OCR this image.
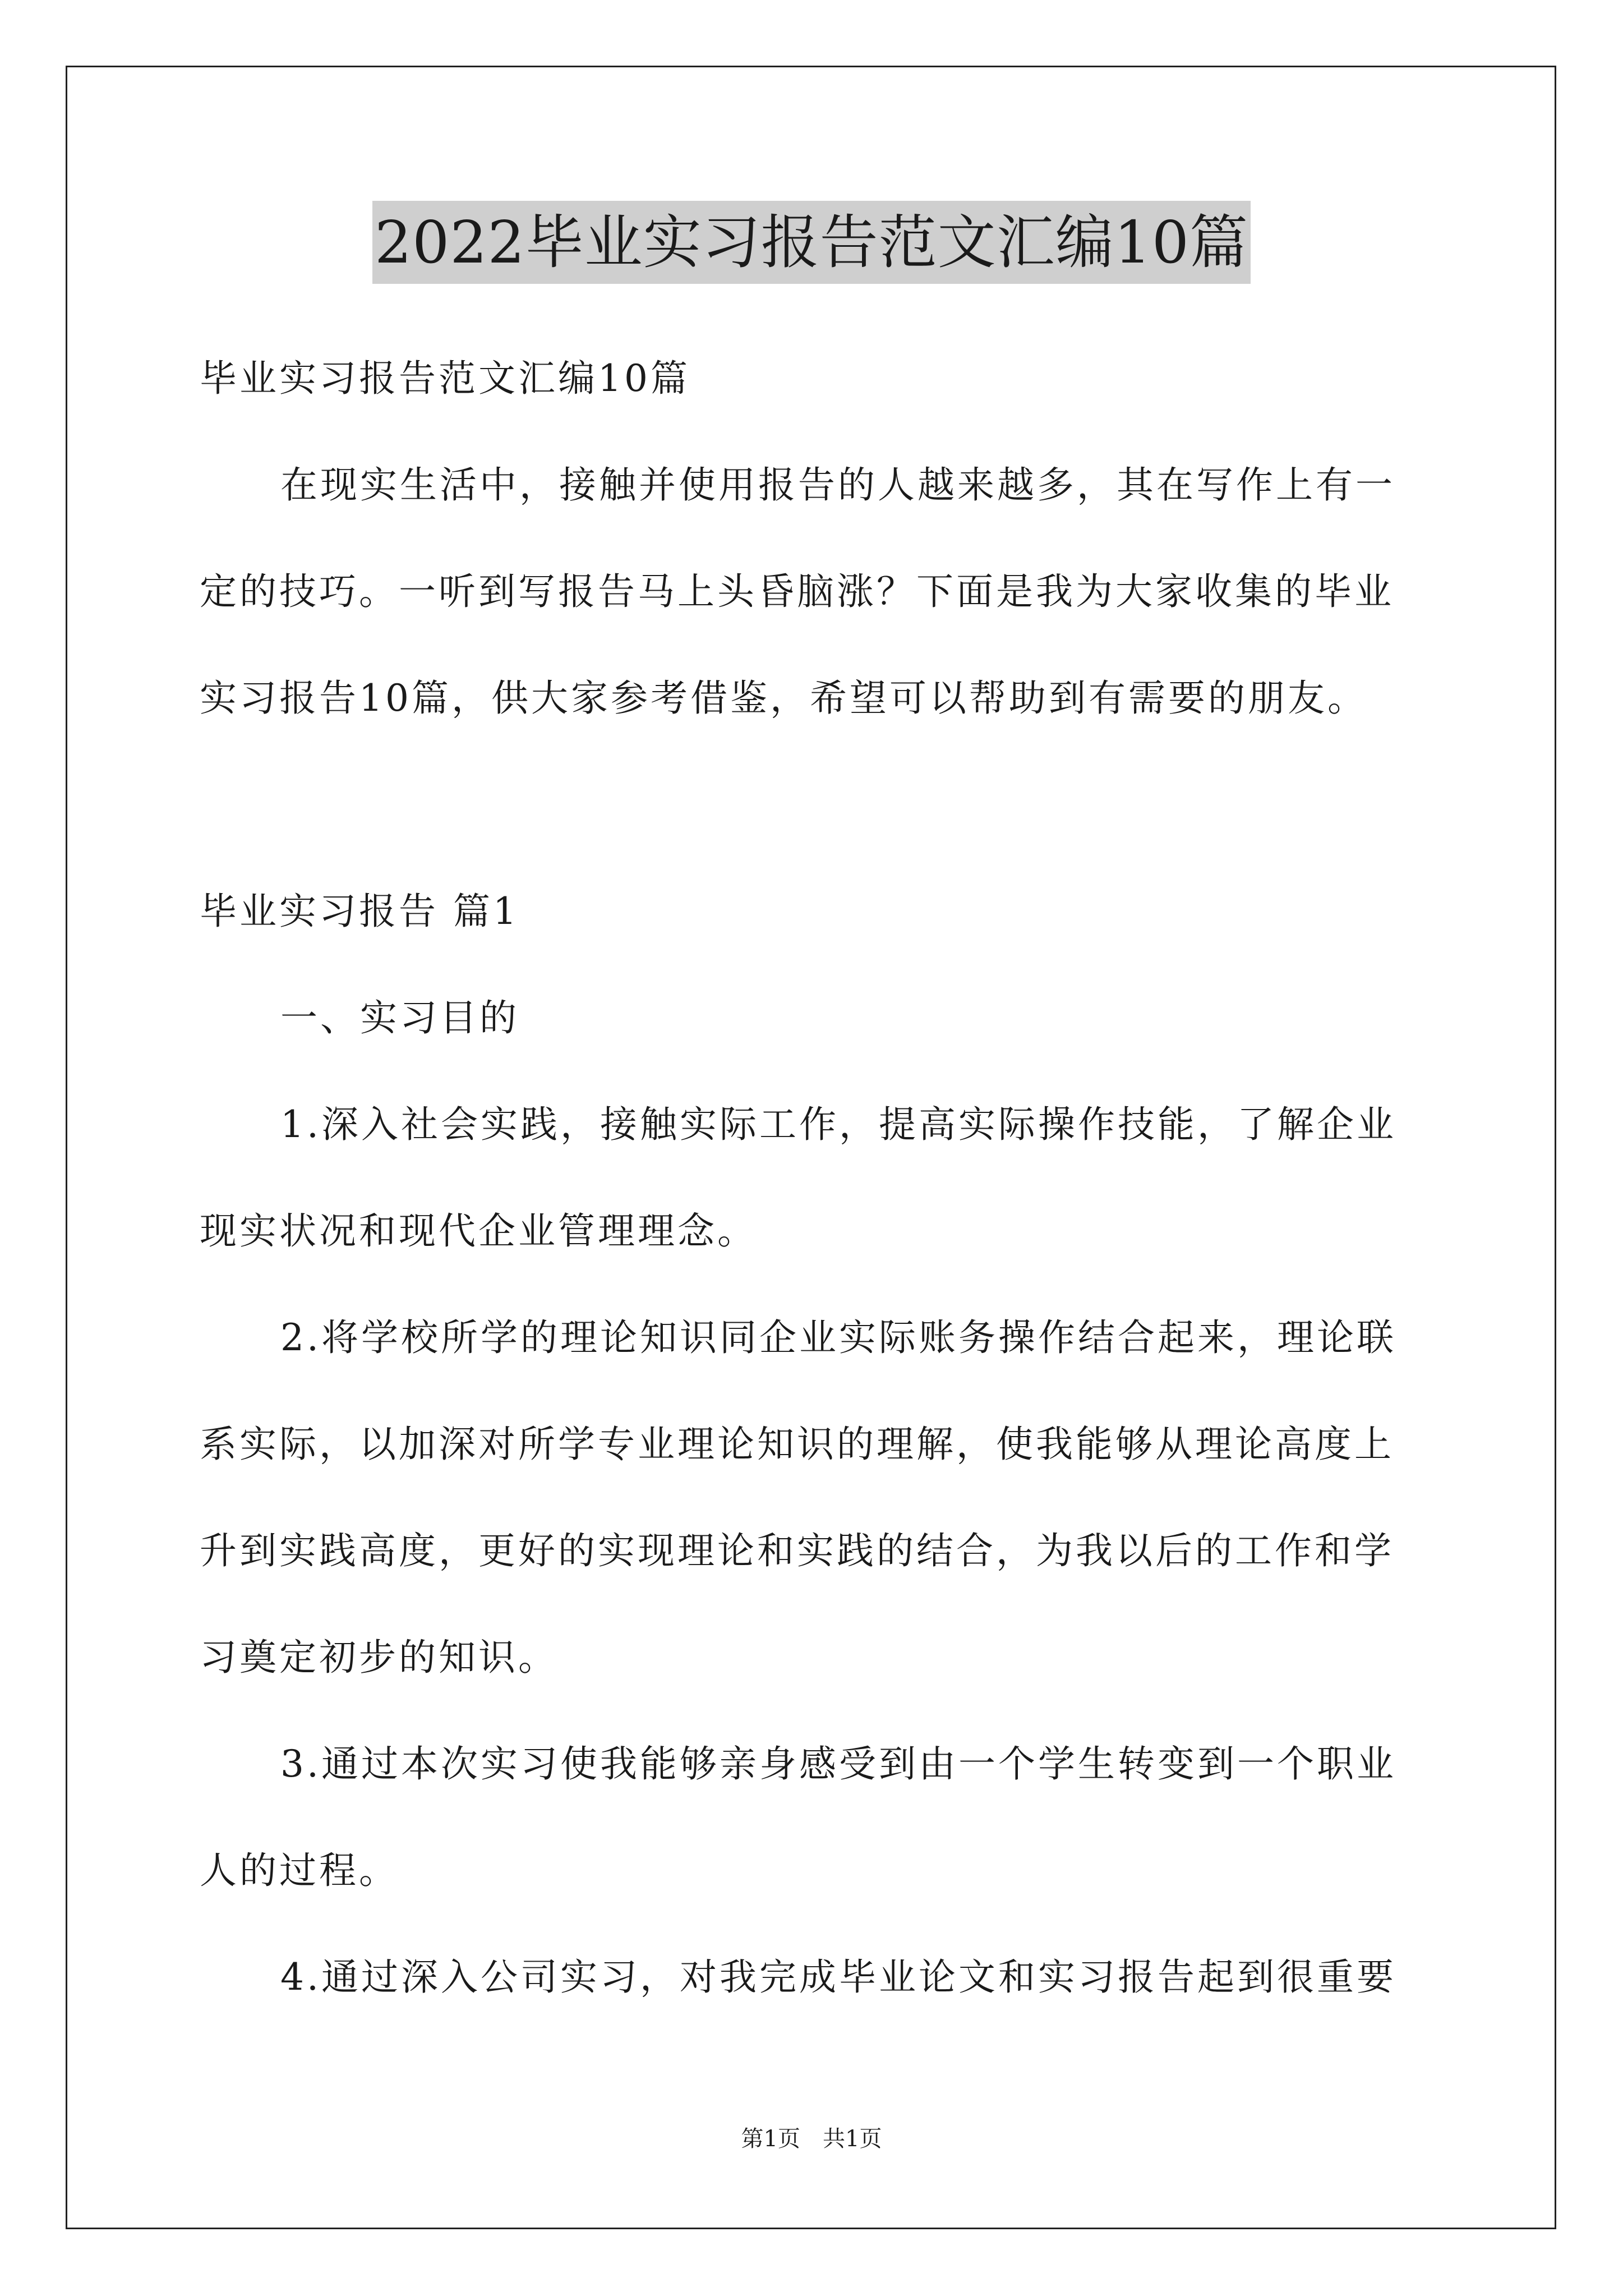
2022毕业实习报告范文汇编10篇
毕业实习报告范文汇编10篇
在现实生活中，接触并使用报告的人越来越多，其在写作上有一
定的技巧。一听到写报告马上头昏脑涨？下面是我为大家收集的毕业
实习报告10篇，供大家参考借鉴，希望可以帮助到有需要的朋友。
毕业实习报告 篇1
一、实习目的
1.深入社会实践，接触实际工作，提高实际操作技能，了解企业
现实状况和现代企业管理理念。
2.将学校所学的理论知识同企业实际账务操作结合起来，理论联
系实际，以加深对所学专业理论知识的理解，使我能够从理论高度上
升到实践高度，更好的实现理论和实践的结合，为我以后的工作和学
习奠定初步的知识。
3.通过本次实习使我能够亲身感受到由一个学生转变到一个职业
人的过程。
4.通过深入公司实习，对我完成毕业论文和实习报告起到很重要
第1页　共1页
